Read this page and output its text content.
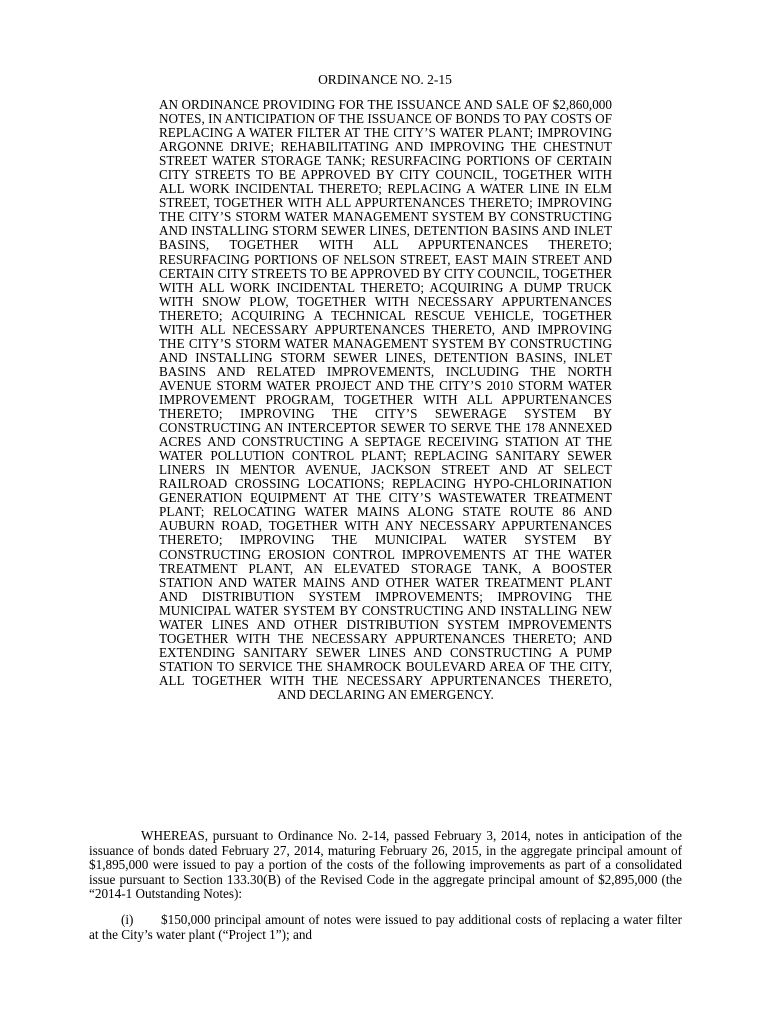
ORDINANCE NO. 2-15
AN ORDINANCE PROVIDING FOR THE ISSUANCE AND SALE OF $2,860,000 NOTES, IN ANTICIPATION OF THE ISSUANCE OF BONDS TO PAY COSTS OF REPLACING A WATER FILTER AT THE CITY’S WATER PLANT; IMPROVING ARGONNE DRIVE; REHABILITATING AND IMPROVING THE CHESTNUT STREET WATER STORAGE TANK; RESURFACING PORTIONS OF CERTAIN CITY STREETS TO BE APPROVED BY CITY COUNCIL, TOGETHER WITH ALL WORK INCIDENTAL THERETO; REPLACING A WATER LINE IN ELM STREET, TOGETHER WITH ALL APPURTENANCES THERETO; IMPROVING THE CITY’S STORM WATER MANAGEMENT SYSTEM BY CONSTRUCTING AND INSTALLING STORM SEWER LINES, DETENTION BASINS AND INLET BASINS, TOGETHER WITH ALL APPURTENANCES THERETO; RESURFACING PORTIONS OF NELSON STREET, EAST MAIN STREET AND CERTAIN CITY STREETS TO BE APPROVED BY CITY COUNCIL, TOGETHER WITH ALL WORK INCIDENTAL THERETO; ACQUIRING A DUMP TRUCK WITH SNOW PLOW, TOGETHER WITH NECESSARY APPURTENANCES THERETO; ACQUIRING A TECHNICAL RESCUE VEHICLE, TOGETHER WITH ALL NECESSARY APPURTENANCES THERETO, AND IMPROVING THE CITY’S STORM WATER MANAGEMENT SYSTEM BY CONSTRUCTING AND INSTALLING STORM SEWER LINES, DETENTION BASINS, INLET BASINS AND RELATED IMPROVEMENTS, INCLUDING THE NORTH AVENUE STORM WATER PROJECT AND THE CITY’S 2010 STORM WATER IMPROVEMENT PROGRAM, TOGETHER WITH ALL APPURTENANCES THERETO; IMPROVING THE CITY’S SEWERAGE SYSTEM BY CONSTRUCTING AN INTERCEPTOR SEWER TO SERVE THE 178 ANNEXED ACRES AND CONSTRUCTING A SEPTAGE RECEIVING STATION AT THE WATER POLLUTION CONTROL PLANT; REPLACING SANITARY SEWER LINERS IN MENTOR AVENUE, JACKSON STREET AND AT SELECT RAILROAD CROSSING LOCATIONS; REPLACING HYPO-CHLORINATION GENERATION EQUIPMENT AT THE CITY’S WASTEWATER TREATMENT PLANT; RELOCATING WATER MAINS ALONG STATE ROUTE 86 AND AUBURN ROAD, TOGETHER WITH ANY NECESSARY APPURTENANCES THERETO; IMPROVING THE MUNICIPAL WATER SYSTEM BY CONSTRUCTING EROSION CONTROL IMPROVEMENTS AT THE WATER TREATMENT PLANT, AN ELEVATED STORAGE TANK, A BOOSTER STATION AND WATER MAINS AND OTHER WATER TREATMENT PLANT AND DISTRIBUTION SYSTEM IMPROVEMENTS; IMPROVING THE MUNICIPAL WATER SYSTEM BY CONSTRUCTING AND INSTALLING NEW WATER LINES AND OTHER DISTRIBUTION SYSTEM IMPROVEMENTS TOGETHER WITH THE NECESSARY APPURTENANCES THERETO; AND EXTENDING SANITARY SEWER LINES AND CONSTRUCTING A PUMP STATION TO SERVICE THE SHAMROCK BOULEVARD AREA OF THE CITY, ALL TOGETHER WITH THE NECESSARY APPURTENANCES THERETO, AND DECLARING AN EMERGENCY.

WHEREAS, pursuant to Ordinance No. 2-14, passed February 3, 2014, notes in anticipation of the issuance of bonds dated February 27, 2014, maturing February 26, 2015, in the aggregate principal amount of $1,895,000 were issued to pay a portion of the costs of the following improvements as part of a consolidated issue pursuant to Section 133.30(B) of the Revised Code in the aggregate principal amount of $2,895,000 (the “2014-1 Outstanding Notes):

(i) $150,000 principal amount of notes were issued to pay additional costs of replacing a water filter at the City’s water plant (“Project 1”); and
